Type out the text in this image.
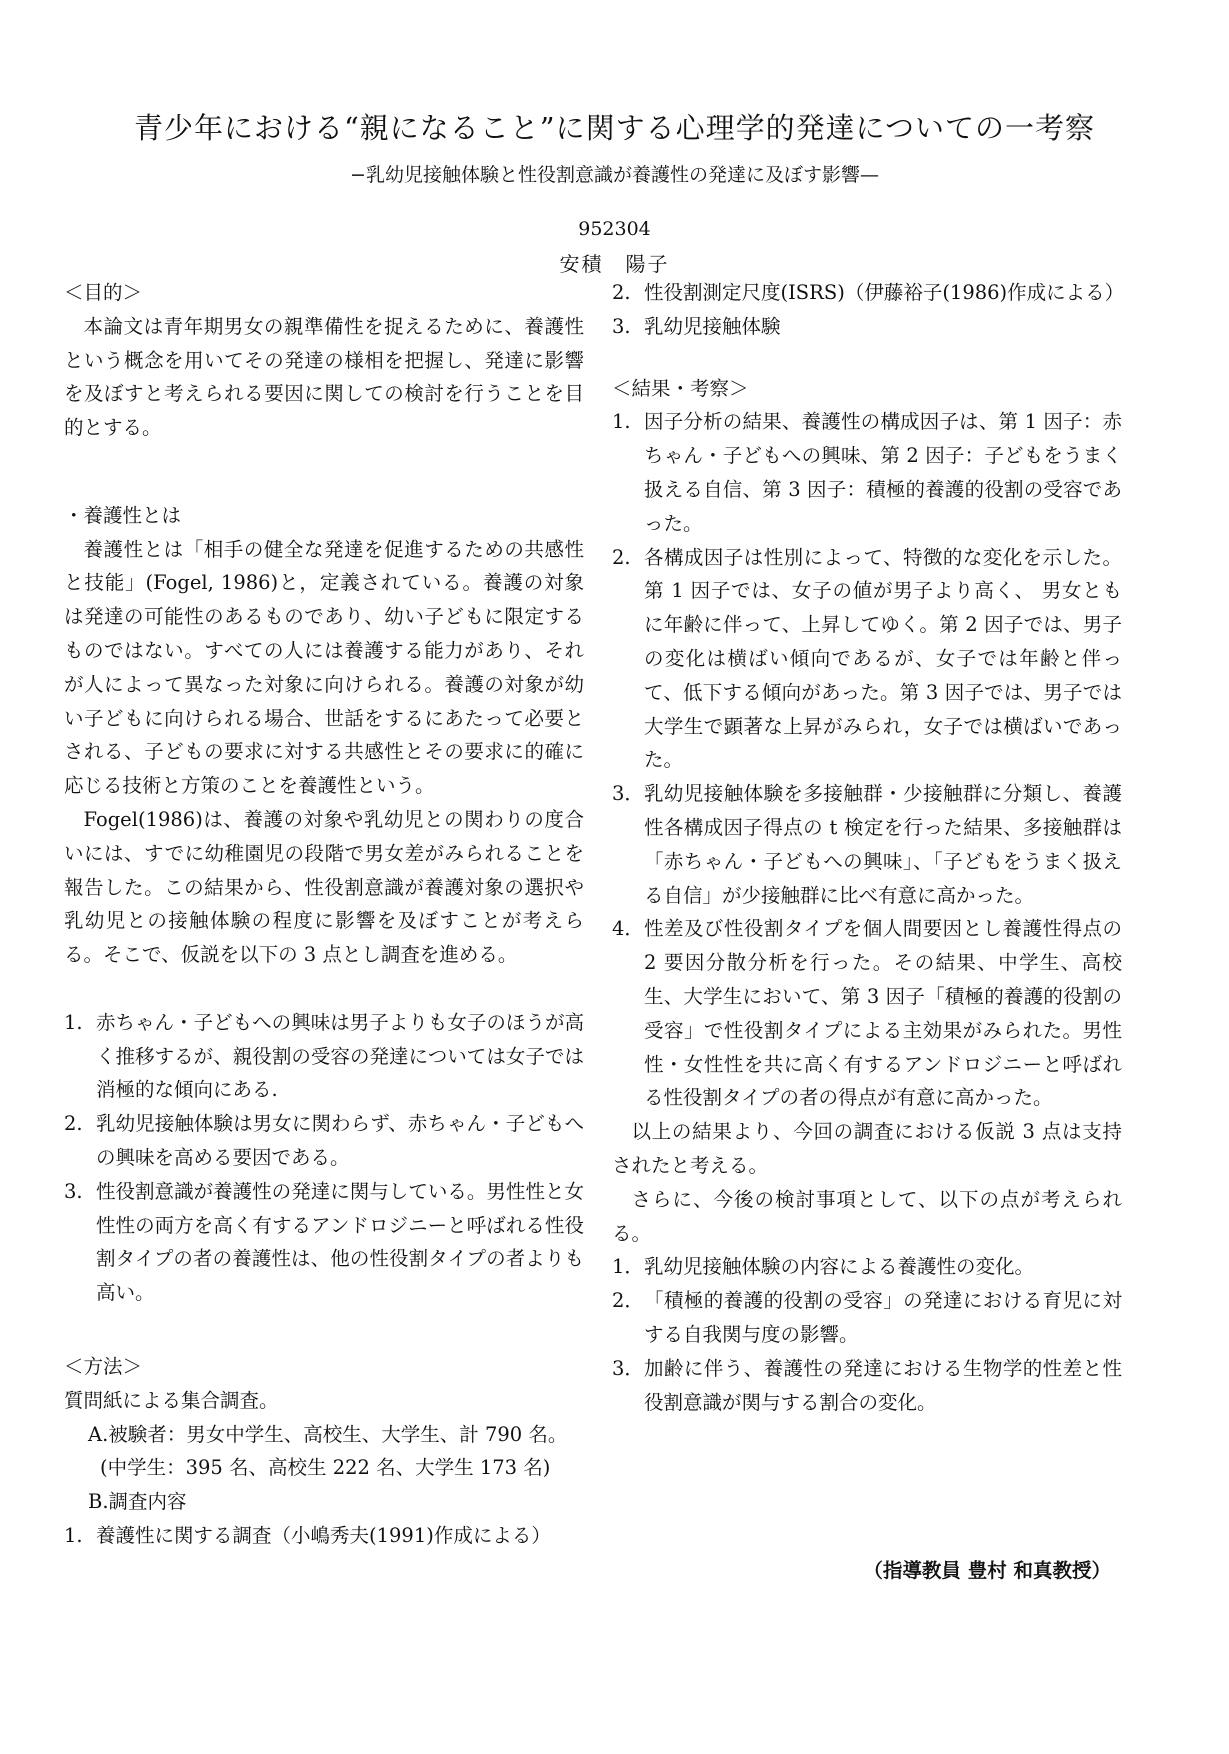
青少年における“親になること”に関する心理学的発達についての一考察
−乳幼児接触体験と性役割意識が養護性の発達に及ぼす影響—
952304
安積　陽子

＜目的＞

本論文は青年期男女の親準備性を捉えるために、養護性という概念を用いてその発達の様相を把握し、発達に影響を及ぼすと考えられる要因に関しての検討を行うことを目的とする。

・養護性とは

養護性とは「相手の健全な発達を促進するための共感性と技能」(Fogel, 1986)と，定義されている。養護の対象は発達の可能性のあるものであり、幼い子どもに限定するものではない。すべての人には養護する能力があり、それが人によって異なった対象に向けられる。養護の対象が幼い子どもに向けられる場合、世話をするにあたって必要とされる、子どもの要求に対する共感性とその要求に的確に応じる技術と方策のことを養護性という。

Fogel(1986)は、養護の対象や乳幼児との関わりの度合いには、すでに幼稚園児の段階で男女差がみられることを報告した。この結果から、性役割意識が養護対象の選択や乳幼児との接触体験の程度に影響を及ぼすことが考えらる。そこで、仮説を以下の 3 点とし調査を進める。

1. 赤ちゃん・子どもへの興味は男子よりも女子のほうが高く推移するが、親役割の受容の発達については女子では消極的な傾向にある.
2. 乳幼児接触体験は男女に関わらず、赤ちゃん・子どもへの興味を高める要因である。
3. 性役割意識が養護性の発達に関与している。男性性と女性性の両方を高く有するアンドロジニーと呼ばれる性役割タイプの者の養護性は、他の性役割タイプの者よりも高い。

＜方法＞

質問紙による集合調査。

A.被験者：男女中学生、高校生、大学生、計 790 名。

(中学生：395 名、高校生 222 名、大学生 173 名)

B.調査内容

1. 養護性に関する調査（小嶋秀夫(1991)作成による）
2. 性役割測定尺度(ISRS)（伊藤裕子(1986)作成による）
3. 乳幼児接触体験

＜結果・考察＞

1. 因子分析の結果、養護性の構成因子は、第 1 因子：赤ちゃん・子どもへの興味、第 2 因子：子どもをうまく扱える自信、第 3 因子：積極的養護的役割の受容であった。
2. 各構成因子は性別によって、特徴的な変化を示した。第 1 因子では、女子の値が男子より高く、 男女ともに年齢に伴って、上昇してゆく。第 2 因子では、男子の変化は横ばい傾向であるが、女子では年齢と伴って、低下する傾向があった。第 3 因子では、男子では大学生で顕著な上昇がみられ，女子では横ばいであった。
3． 乳幼児接触体験を多接触群・少接触群に分類し、養護性各構成因子得点の t 検定を行った結果、多接触群は「赤ちゃん・子どもへの興味」、「子どもをうまく扱える自信」が少接触群に比べ有意に高かった。
4． 性差及び性役割タイプを個人間要因とし養護性得点の 2 要因分散分析を行った。その結果、中学生、高校生、大学生において、第 3 因子「積極的養護的役割の受容」で性役割タイプによる主効果がみられた。男性性・女性性を共に高く有するアンドロジニーと呼ばれる性役割タイプの者の得点が有意に高かった。

以上の結果より、今回の調査における仮説 3 点は支持されたと考える。

さらに、今後の検討事項として、以下の点が考えられる。

1． 乳幼児接触体験の内容による養護性の変化。
2． 「積極的養護的役割の受容」の発達における育児に対する自我関与度の影響。
3． 加齢に伴う、養護性の発達における生物学的性差と性役割意識が関与する割合の変化。
（指導教員 豊村 和真教授）
